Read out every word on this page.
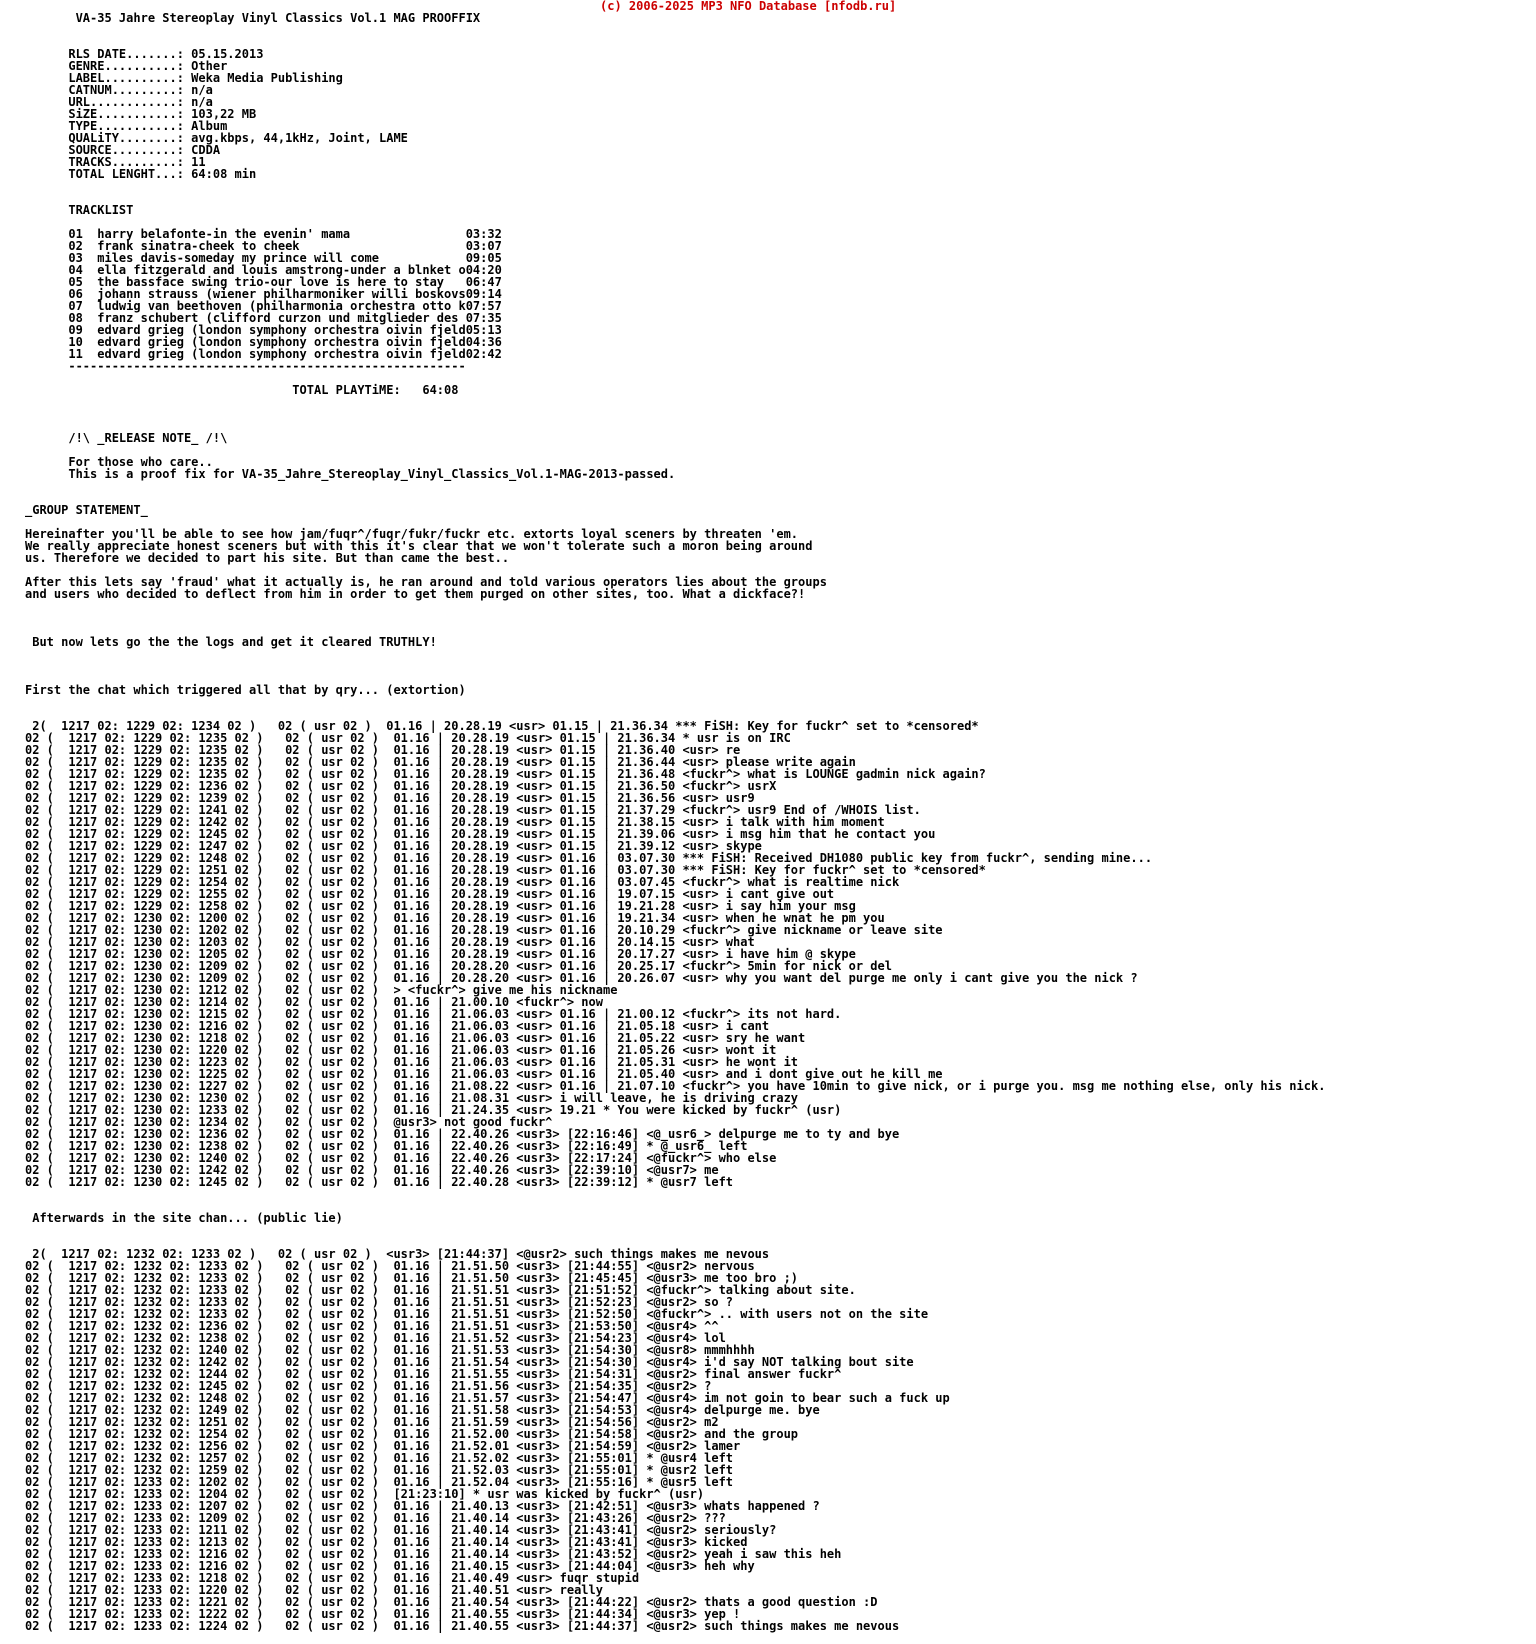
(c) 2006-2025 MP3 NFO Database [nfodb.ru]
VA-35 Jahre Stereoplay Vinyl Classics Vol.1 MAG PROOFFIX

RLS DATE.......: 05.15.2013
GENRE..........: Other
LABEL..........: Weka Media Publishing
CATNUM.........: n/a
URL............: n/a
SiZE...........: 103,22 MB
TYPE...........: Album
QUALiTY........: avg.kbps, 44,1kHz, Joint, LAME
SOURCE.........: CDDA
TRACKS.........: 11
TOTAL LENGHT...: 64:08 min

TRACKLIST

01  harry belafonte-in the evenin' mama                03:32
02  frank sinatra-cheek to cheek                       03:07
03  miles davis-someday my prince will come            09:05
04  ella fitzgerald and louis amstrong-under a blnket o04:20
05  the bassface swing trio-our love is here to stay   06:47
06  johann strauss (wiener philharmoniker willi boskovs09:14
07  ludwig van beethoven (philharmonia orchestra otto k07:57
08  franz schubert (clifford curzon und mitglieder des 07:35
09  edvard grieg (london symphony orchestra oivin fjeld05:13
10  edvard grieg (london symphony orchestra oivin fjeld04:36
11  edvard grieg (london symphony orchestra oivin fjeld02:42
-------------------------------------------------------

TOTAL PLAYTiME:   64:08

/!\ _RELEASE NOTE_ /!\

For those who care..
This is a proof fix for VA-35_Jahre_Stereoplay_Vinyl_Classics_Vol.1-MAG-2013-passed.

_GROUP STATEMENT_

Hereinafter you'll be able to see how jam/fuqr^/fuqr/fukr/fuckr etc. extorts loyal sceners by threaten 'em.
We really appreciate honest sceners but with this it's clear that we won't tolerate such a moron being around
us. Therefore we decided to part his site. But than came the best..

After this lets say 'fraud' what it actually is, he ran around and told various operators lies about the groups
and users who decided to deflect from him in order to get them purged on other sites, too. What a dickface?!

But now lets go the the logs and get it cleared TRUTHLY!

First the chat which triggered all that by qry... (extortion)

2(  1217 02: 1229 02: 1234 02 )   02 ( usr 02 )  01.16 | 20.28.19 <usr> 01.15 | 21.36.34 *** FiSH: Key for fuckr^ set to *censored*
02 (  1217 02: 1229 02: 1235 02 )   02 ( usr 02 )  01.16 | 20.28.19 <usr> 01.15 | 21.36.34 * usr is on IRC
02 (  1217 02: 1229 02: 1235 02 )   02 ( usr 02 )  01.16 | 20.28.19 <usr> 01.15 | 21.36.40 <usr> re
02 (  1217 02: 1229 02: 1235 02 )   02 ( usr 02 )  01.16 | 20.28.19 <usr> 01.15 | 21.36.44 <usr> please write again
02 (  1217 02: 1229 02: 1235 02 )   02 ( usr 02 )  01.16 | 20.28.19 <usr> 01.15 | 21.36.48 <fuckr^> what is LOUNGE gadmin nick again?
02 (  1217 02: 1229 02: 1236 02 )   02 ( usr 02 )  01.16 | 20.28.19 <usr> 01.15 | 21.36.50 <fuckr^> usrX
02 (  1217 02: 1229 02: 1239 02 )   02 ( usr 02 )  01.16 | 20.28.19 <usr> 01.15 | 21.36.56 <usr> usr9
02 (  1217 02: 1229 02: 1241 02 )   02 ( usr 02 )  01.16 | 20.28.19 <usr> 01.15 | 21.37.29 <fuckr^> usr9 End of /WHOIS list.
02 (  1217 02: 1229 02: 1242 02 )   02 ( usr 02 )  01.16 | 20.28.19 <usr> 01.15 | 21.38.15 <usr> i talk with him moment
02 (  1217 02: 1229 02: 1245 02 )   02 ( usr 02 )  01.16 | 20.28.19 <usr> 01.15 | 21.39.06 <usr> i msg him that he contact you
02 (  1217 02: 1229 02: 1247 02 )   02 ( usr 02 )  01.16 | 20.28.19 <usr> 01.15 | 21.39.12 <usr> skype
02 (  1217 02: 1229 02: 1248 02 )   02 ( usr 02 )  01.16 | 20.28.19 <usr> 01.16 | 03.07.30 *** FiSH: Received DH1080 public key from fuckr^, sending mine...
02 (  1217 02: 1229 02: 1251 02 )   02 ( usr 02 )  01.16 | 20.28.19 <usr> 01.16 | 03.07.30 *** FiSH: Key for fuckr^ set to *censored*
02 (  1217 02: 1229 02: 1254 02 )   02 ( usr 02 )  01.16 | 20.28.19 <usr> 01.16 | 03.07.45 <fuckr^> what is realtime nick
02 (  1217 02: 1229 02: 1255 02 )   02 ( usr 02 )  01.16 | 20.28.19 <usr> 01.16 | 19.07.15 <usr> i cant give out
02 (  1217 02: 1229 02: 1258 02 )   02 ( usr 02 )  01.16 | 20.28.19 <usr> 01.16 | 19.21.28 <usr> i say him your msg
02 (  1217 02: 1230 02: 1200 02 )   02 ( usr 02 )  01.16 | 20.28.19 <usr> 01.16 | 19.21.34 <usr> when he wnat he pm you
02 (  1217 02: 1230 02: 1202 02 )   02 ( usr 02 )  01.16 | 20.28.19 <usr> 01.16 | 20.10.29 <fuckr^> give nickname or leave site
02 (  1217 02: 1230 02: 1203 02 )   02 ( usr 02 )  01.16 | 20.28.19 <usr> 01.16 | 20.14.15 <usr> what
02 (  1217 02: 1230 02: 1205 02 )   02 ( usr 02 )  01.16 | 20.28.19 <usr> 01.16 | 20.17.27 <usr> i have him @ skype
02 (  1217 02: 1230 02: 1209 02 )   02 ( usr 02 )  01.16 | 20.28.20 <usr> 01.16 | 20.25.17 <fuckr^> 5min for nick or del
02 (  1217 02: 1230 02: 1209 02 )   02 ( usr 02 )  01.16 | 20.28.20 <usr> 01.16 | 20.26.07 <usr> why you want del purge me only i cant give you the nick ?
02 (  1217 02: 1230 02: 1212 02 )   02 ( usr 02 )  > <fuckr^> give me his nickname
02 (  1217 02: 1230 02: 1214 02 )   02 ( usr 02 )  01.16 | 21.00.10 <fuckr^> now
02 (  1217 02: 1230 02: 1215 02 )   02 ( usr 02 )  01.16 | 21.06.03 <usr> 01.16 | 21.00.12 <fuckr^> its not hard.
02 (  1217 02: 1230 02: 1216 02 )   02 ( usr 02 )  01.16 | 21.06.03 <usr> 01.16 | 21.05.18 <usr> i cant
02 (  1217 02: 1230 02: 1218 02 )   02 ( usr 02 )  01.16 | 21.06.03 <usr> 01.16 | 21.05.22 <usr> sry he want
02 (  1217 02: 1230 02: 1220 02 )   02 ( usr 02 )  01.16 | 21.06.03 <usr> 01.16 | 21.05.26 <usr> wont it
02 (  1217 02: 1230 02: 1223 02 )   02 ( usr 02 )  01.16 | 21.06.03 <usr> 01.16 | 21.05.31 <usr> he wont it
02 (  1217 02: 1230 02: 1225 02 )   02 ( usr 02 )  01.16 | 21.06.03 <usr> 01.16 | 21.05.40 <usr> and i dont give out he kill me
02 (  1217 02: 1230 02: 1227 02 )   02 ( usr 02 )  01.16 | 21.08.22 <usr> 01.16 | 21.07.10 <fuckr^> you have 10min to give nick, or i purge you. msg me nothing else, only his nick.
02 (  1217 02: 1230 02: 1230 02 )   02 ( usr 02 )  01.16 | 21.08.31 <usr> i will leave, he is driving crazy
02 (  1217 02: 1230 02: 1233 02 )   02 ( usr 02 )  01.16 | 21.24.35 <usr> 19.21 * You were kicked by fuckr^ (usr)
02 (  1217 02: 1230 02: 1234 02 )   02 ( usr 02 )  @usr3> not good fuckr^
02 (  1217 02: 1230 02: 1236 02 )   02 ( usr 02 )  01.16 | 22.40.26 <usr3> [22:16:46] <@_usr6_> delpurge me to ty and bye
02 (  1217 02: 1230 02: 1238 02 )   02 ( usr 02 )  01.16 | 22.40.26 <usr3> [22:16:49] * @_usr6_ left
02 (  1217 02: 1230 02: 1240 02 )   02 ( usr 02 )  01.16 | 22.40.26 <usr3> [22:17:24] <@fuckr^> who else
02 (  1217 02: 1230 02: 1242 02 )   02 ( usr 02 )  01.16 | 22.40.26 <usr3> [22:39:10] <@usr7> me
02 (  1217 02: 1230 02: 1245 02 )   02 ( usr 02 )  01.16 | 22.40.28 <usr3> [22:39:12] * @usr7 left

Afterwards in the site chan... (public lie)

2(  1217 02: 1232 02: 1233 02 )   02 ( usr 02 )  <usr3> [21:44:37] <@usr2> such things makes me nevous
02 (  1217 02: 1232 02: 1233 02 )   02 ( usr 02 )  01.16 | 21.51.50 <usr3> [21:44:55] <@usr2> nervous
02 (  1217 02: 1232 02: 1233 02 )   02 ( usr 02 )  01.16 | 21.51.50 <usr3> [21:45:45] <@usr3> me too bro ;)
02 (  1217 02: 1232 02: 1233 02 )   02 ( usr 02 )  01.16 | 21.51.51 <usr3> [21:51:52] <@fuckr^> talking about site.
02 (  1217 02: 1232 02: 1233 02 )   02 ( usr 02 )  01.16 | 21.51.51 <usr3> [21:52:23] <@usr2> so ?
02 (  1217 02: 1232 02: 1233 02 )   02 ( usr 02 )  01.16 | 21.51.51 <usr3> [21:52:50] <@fuckr^> .. with users not on the site
02 (  1217 02: 1232 02: 1236 02 )   02 ( usr 02 )  01.16 | 21.51.51 <usr3> [21:53:50] <@usr4> ^^
02 (  1217 02: 1232 02: 1238 02 )   02 ( usr 02 )  01.16 | 21.51.52 <usr3> [21:54:23] <@usr4> lol
02 (  1217 02: 1232 02: 1240 02 )   02 ( usr 02 )  01.16 | 21.51.53 <usr3> [21:54:30] <@usr8> mmmhhhh
02 (  1217 02: 1232 02: 1242 02 )   02 ( usr 02 )  01.16 | 21.51.54 <usr3> [21:54:30] <@usr4> i'd say NOT talking bout site
02 (  1217 02: 1232 02: 1244 02 )   02 ( usr 02 )  01.16 | 21.51.55 <usr3> [21:54:31] <@usr2> final answer fuckr^
02 (  1217 02: 1232 02: 1245 02 )   02 ( usr 02 )  01.16 | 21.51.56 <usr3> [21:54:35] <@usr2> ?
02 (  1217 02: 1232 02: 1248 02 )   02 ( usr 02 )  01.16 | 21.51.57 <usr3> [21:54:47] <@usr4> im not goin to bear such a fuck up
02 (  1217 02: 1232 02: 1249 02 )   02 ( usr 02 )  01.16 | 21.51.58 <usr3> [21:54:53] <@usr4> delpurge me. bye
02 (  1217 02: 1232 02: 1251 02 )   02 ( usr 02 )  01.16 | 21.51.59 <usr3> [21:54:56] <@usr2> m2
02 (  1217 02: 1232 02: 1254 02 )   02 ( usr 02 )  01.16 | 21.52.00 <usr3> [21:54:58] <@usr2> and the group
02 (  1217 02: 1232 02: 1256 02 )   02 ( usr 02 )  01.16 | 21.52.01 <usr3> [21:54:59] <@usr2> lamer
02 (  1217 02: 1232 02: 1257 02 )   02 ( usr 02 )  01.16 | 21.52.02 <usr3> [21:55:01] * @usr4 left
02 (  1217 02: 1232 02: 1259 02 )   02 ( usr 02 )  01.16 | 21.52.03 <usr3> [21:55:01] * @usr2 left
02 (  1217 02: 1233 02: 1202 02 )   02 ( usr 02 )  01.16 | 21.52.04 <usr3> [21:55:16] * @usr5 left
02 (  1217 02: 1233 02: 1204 02 )   02 ( usr 02 )  [21:23:10] * usr was kicked by fuckr^ (usr)
02 (  1217 02: 1233 02: 1207 02 )   02 ( usr 02 )  01.16 | 21.40.13 <usr3> [21:42:51] <@usr3> whats happened ?
02 (  1217 02: 1233 02: 1209 02 )   02 ( usr 02 )  01.16 | 21.40.14 <usr3> [21:43:26] <@usr2> ???
02 (  1217 02: 1233 02: 1211 02 )   02 ( usr 02 )  01.16 | 21.40.14 <usr3> [21:43:41] <@usr2> seriously?
02 (  1217 02: 1233 02: 1213 02 )   02 ( usr 02 )  01.16 | 21.40.14 <usr3> [21:43:41] <@usr3> kicked
02 (  1217 02: 1233 02: 1216 02 )   02 ( usr 02 )  01.16 | 21.40.14 <usr3> [21:43:52] <@usr2> yeah i saw this heh
02 (  1217 02: 1233 02: 1216 02 )   02 ( usr 02 )  01.16 | 21.40.15 <usr3> [21:44:04] <@usr3> heh why
02 (  1217 02: 1233 02: 1218 02 )   02 ( usr 02 )  01.16 | 21.40.49 <usr> fuqr stupid
02 (  1217 02: 1233 02: 1220 02 )   02 ( usr 02 )  01.16 | 21.40.51 <usr> really
02 (  1217 02: 1233 02: 1221 02 )   02 ( usr 02 )  01.16 | 21.40.54 <usr3> [21:44:22] <@usr2> thats a good question :D
02 (  1217 02: 1233 02: 1222 02 )   02 ( usr 02 )  01.16 | 21.40.55 <usr3> [21:44:34] <@usr3> yep !
02 (  1217 02: 1233 02: 1224 02 )   02 ( usr 02 )  01.16 | 21.40.55 <usr3> [21:44:37] <@usr2> such things makes me nevous
